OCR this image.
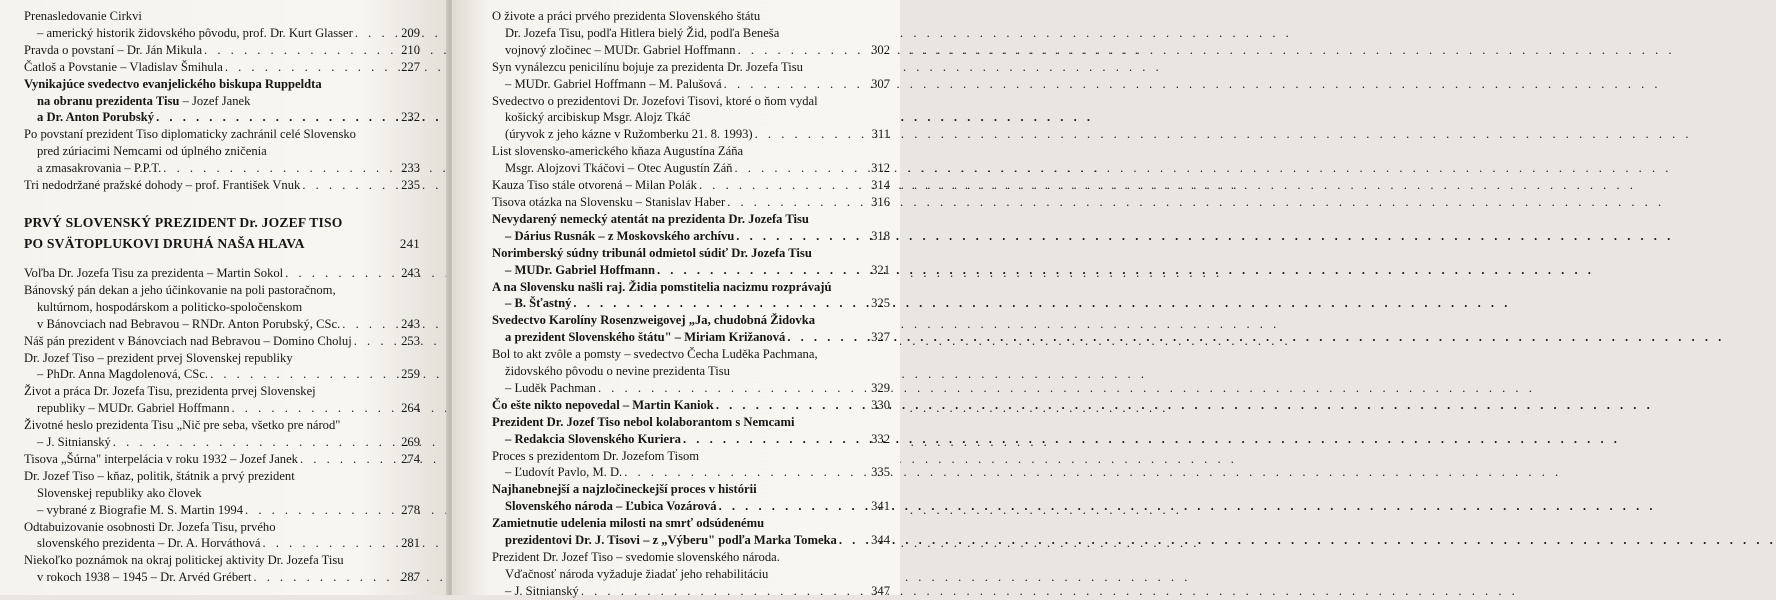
Prenasledovanie Cirkvi
– americký historik židovského pôvodu, prof. Dr. Kurt Glasser . . .	209
Pravda o povstaní – Dr. Ján Mikula . . .	210
Čatloš a Povstanie – Vladislav Šmihula . . .	227
Vynikajúce svedectvo evanjelického biskupa Ruppeldta
na obranu prezidenta Tisu – Jozef Janek
a Dr. Anton Porubský . . .	232
Po povstaní prezident Tiso diplomaticky zachránil celé Slovensko
pred zúriacimi Nemcami od úplného zničenia
a zmasakrovania – P.P.T. . . .	233
Tri nedodržané pražské dohody – prof. František Vnuk . . .	235
PRVÝ SLOVENSKÝ PREZIDENT Dr. JOZEF TISO
PO SVÄTOPLUKOVI DRUHÁ NAŠA HLAVA	241
Voľba Dr. Jozefa Tisu za prezidenta – Martin Sokol . . .	243
Bánovský pán dekan a jeho účinkovanie na poli pastoračnom,
kultúrnom, hospodárskom a politicko-spoločenskom
v Bánovciach nad Bebravou – RNDr. Anton Porubský, CSc. . . .	243
Náš pán prezident v Bánovciach nad Bebravou – Domino Choluj . . .	253
Dr. Jozef Tiso – prezident prvej Slovenskej republiky
– PhDr. Anna Magdolenová, CSc. . . .	259
Život a práca Dr. Jozefa Tisu, prezidenta prvej Slovenskej
republiky – MUDr. Gabriel Hoffmann . . .	264
Životné heslo prezidenta Tisu „Nič pre seba, všetko pre národ"
– J. Sitnianský . . .	269
Tisova „Šúrna" interpelácia v roku 1932 – Jozef Janek . . .	274
Dr. Jozef Tiso – kňaz, politik, štátnik a prvý prezident
Slovenskej republiky ako človek
– vybrané z Biografie M. S. Martin 1994 . . .	278
Odtabuizovanie osobnosti Dr. Jozefa Tisu, prvého
slovenského prezidenta – Dr. A. Horváthová . . .	281
Niekoľko poznámok na okraj politickej aktivity Dr. Jozefa Tisu
v rokoch 1938 – 1945 – Dr. Arvéd Grébert . . .	287
O živote a práci prvého prezidenta Slovenského štátu
Dr. Jozefa Tisu, podľa Hitlera bielý Žid, podľa Beneša
vojnový zločinec – MUDr. Gabriel Hoffmann . . .	302
Syn vynálezcu penicilínu bojuje za prezidenta Dr. Jozefa Tisu
– MUDr. Gabriel Hoffmann – M. Palušová . . .	307
Svedectvo o prezidentovi Dr. Jozefovi Tisovi, ktoré o ňom vydal
košický arcibiskup Msgr. Alojz Tkáč
(úryvok z jeho kázne v Ružomberku 21. 8. 1993) . . .	311
List slovensko-amerického kňaza Augustína Záňa
Msgr. Alojzovi Tkáčovi – Otec Augustín Záň . . .	312
Kauza Tiso stále otvorená – Milan Polák . . .	314
Tisova otázka na Slovensku – Stanislav Haber . . .	316
Nevydarený nemecký atentát na prezidenta Dr. Jozefa Tisu
– Dárius Rusnák – z Moskovského archívu . . .	318
Norimberský súdny tribunál odmietol súdiť Dr. Jozefa Tisu
– MUDr. Gabriel Hoffmann . . .	321
A na Slovensku našli raj. Židia pomstitelia nacizmu rozprávajú
– B. Šťastný . . .	325
Svedectvo Karolíny Rosenzweigovej „Ja, chudobná Židovka
a prezident Slovenského štátu" – Miriam Križanová . . .	327
Bol to akt zvôle a pomsty – svedectvo Čecha Luděka Pachmana,
židovského pôvodu o nevine prezidenta Tisu
– Luděk Pachman . . .	329
Čo ešte nikto nepovedal – Martin Kaniok . . .	330
Prezident Dr. Jozef Tiso nebol kolaborantom s Nemcami
– Redakcia Slovenského Kuriera . . .	332
Proces s prezidentom Dr. Jozefom Tisom
– Ľudovít Pavlo, M. D. . . .	335
Najhanebnejší a najzločineckejší proces v histórii
Slovenského národa – Ľubica Vozárová . . .	341
Zamietnutie udelenia milosti na smrť odsúdenému
prezidentovi Dr. J. Tisovi – z „Výberu" podľa Marka Tomeka . . .	344
Prezident Dr. Jozef Tiso – svedomie slovenského národa.
Vďačnosť národa vyžaduje žiadať jeho rehabilitáciu
– J. Sitnianský . . .	347
